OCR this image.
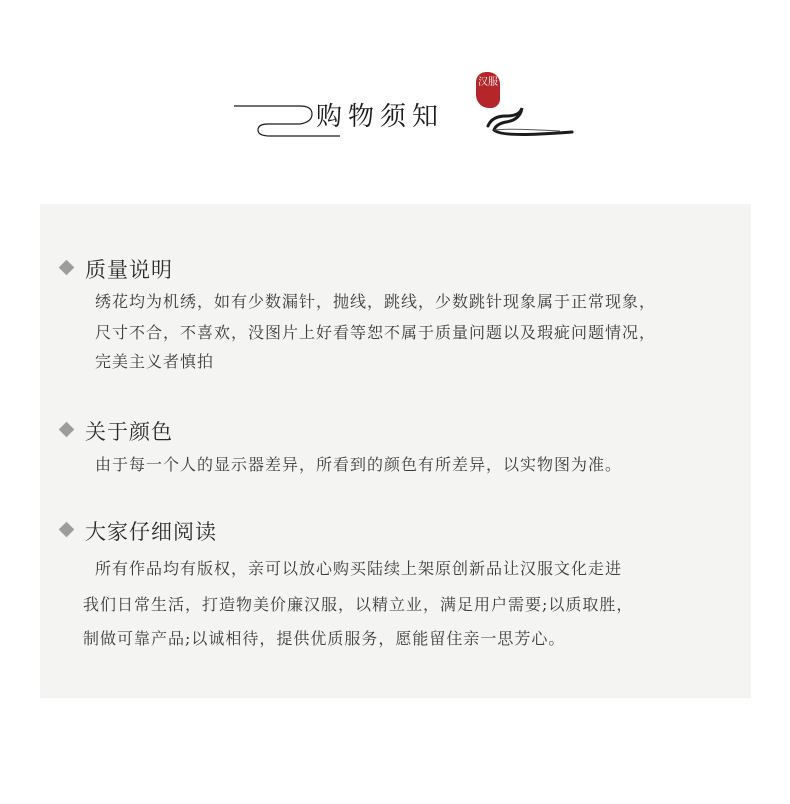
购物须知
汉服
质量说明
绣花均为机绣，如有少数漏针，抛线，跳线，少数跳针现象属于正常现象，
尺寸不合，不喜欢，没图片上好看等恕不属于质量问题以及瑕疵问题情况，
完美主义者慎拍
关于颜色
由于每一个人的显示器差异，所看到的颜色有所差异，以实物图为准。
大家仔细阅读
所有作品均有版权，亲可以放心购买陆续上架原创新品让汉服文化走进
我们日常生活，打造物美价廉汉服，以精立业，满足用户需要;以质取胜，
制做可靠产品;以诚相待，提供优质服务，愿能留住亲一思芳心。
